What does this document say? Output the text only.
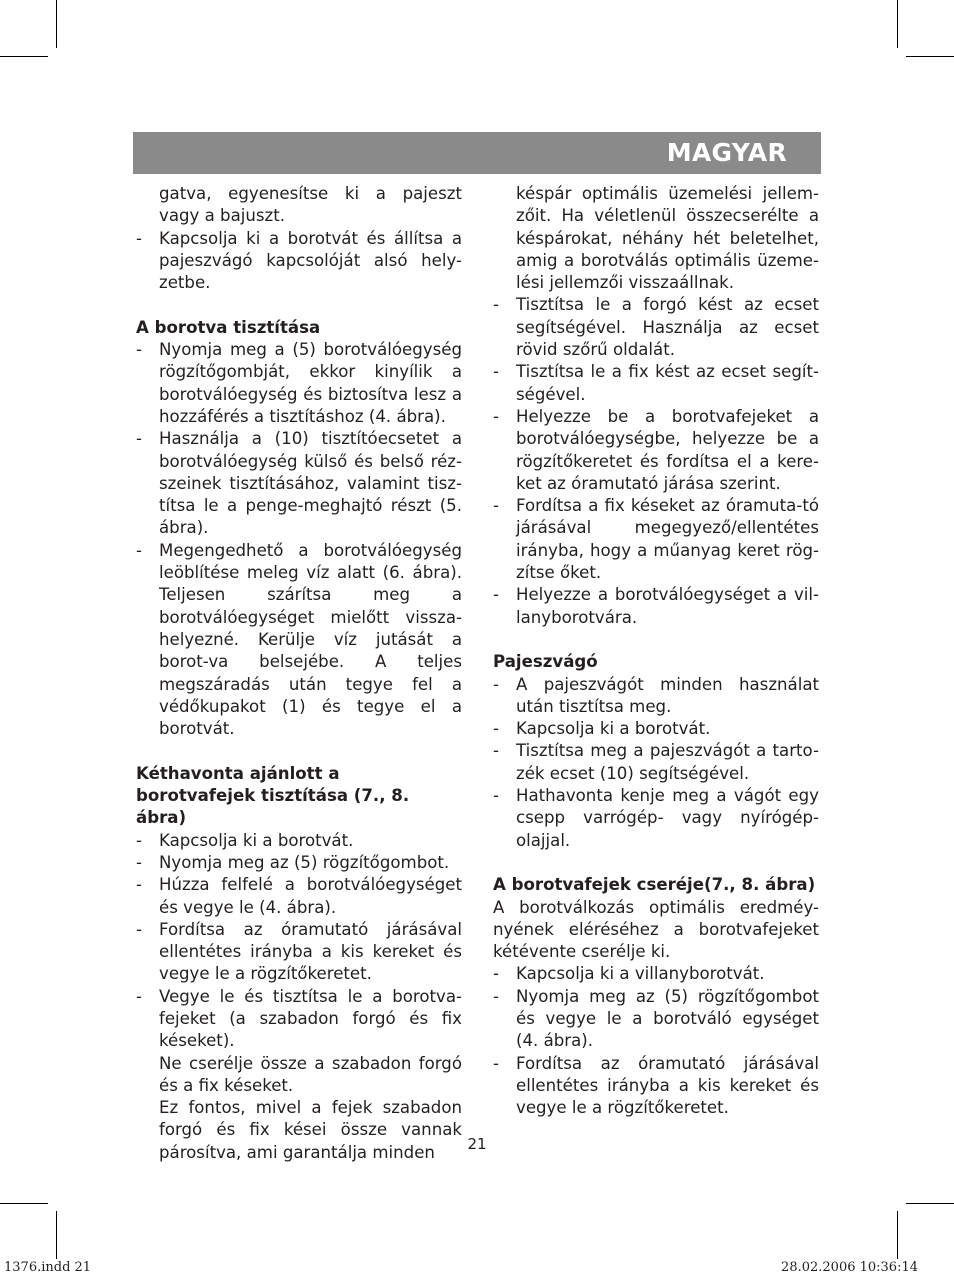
MAGYAR
gatva, egyenesítse ki a pajeszt vagy a bajuszt.
- Kapcsolja ki a borotvát és állítsa a pajeszvágó kapcsolóját alsó hely-zetbe.
A borotva tisztítása
- Nyomja meg a (5) borotválóegység rögzítőgombját, ekkor kinyílik a borotválóegység és biztosítva lesz a hozzáférés a tisztításhoz (4. ábra).
- Használja a (10) tisztítóecsetet a borotválóegység külső és belső réz-szeinek tisztításához, valamint tisz-títsa le a penge-meghajtó részt (5. ábra).
- Megengedhető a borotválóegység leöblítése meleg víz alatt (6. ábra). Teljesen szárítsa meg a borotválóegységet mielőtt vissza-helyezné. Kerülje víz jutását a borot-va belsejébe. A teljes megszáradás után tegye fel a védőkupakot (1) és tegye el a borotvát.
Kéthavonta ajánlott a borotvafejek tisztítása (7., 8. ábra)
- Kapcsolja ki a borotvát.
- Nyomja meg az (5) rögzítőgombot.
- Húzza felfelé a borotválóegységet és vegye le (4. ábra).
- Fordítsa az óramutató járásával ellentétes irányba a kis kereket és vegye le a rögzítőkeretet.
- Vegye le és tisztítsa le a borotva-fejeket (a szabadon forgó és fix késeket).
Ne cserélje össze a szabadon forgó és a fix késeket.
Ez fontos, mivel a fejek szabadon forgó és fix kései össze vannak párosítva, ami garantálja minden
késpár optimális üzemelési jellem-zőit. Ha véletlenül összecserélte a késpárokat, néhány hét beletelhet, amig a borotválás optimális üzeme-lési jellemzői visszaállnak.
- Tisztítsa le a forgó kést az ecset segítségével. Használja az ecset rövid szőrű oldalát.
- Tisztítsa le a fix kést az ecset segít-ségével.
- Helyezze be a borotvafejeket a borotválóegységbe, helyezze be a rögzítőkeretet és fordítsa el a kere-ket az óramutató járása szerint.
- Fordítsa a fix késeket az óramuta-tó járásával megegyező/ellentétes irányba, hogy a műanyag keret rög-zítse őket.
- Helyezze a borotválóegységet a vil-lanyborotvára.
Pajeszvágó
- A pajeszvágót minden használat után tisztítsa meg.
- Kapcsolja ki a borotvát.
- Tisztítsa meg a pajeszvágót a tarto-zék ecset (10) segítségével.
- Hathavonta kenje meg a vágót egy csepp varrógép- vagy nyírógép-olajjal.
A borotvafejek cseréje(7., 8. ábra)
A borotválkozás optimális eredméy-nyének eléréséhez a borotvafejeket kétévente cserélje ki.
- Kapcsolja ki a villanyborotvát.
- Nyomja meg az (5) rögzítőgombot és vegye le a borotváló egységet (4. ábra).
- Fordítsa az óramutató járásával ellentétes irányba a kis kereket és vegye le a rögzítőkeretet.
21
1376.indd 21	28.02.2006 10:36:14
